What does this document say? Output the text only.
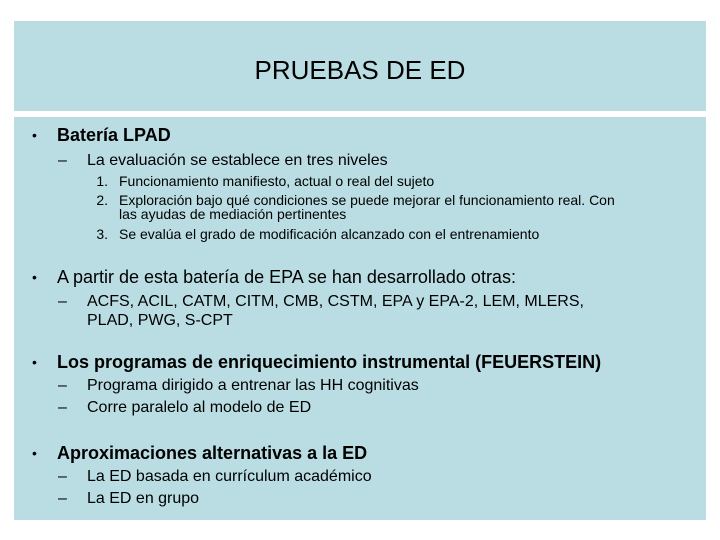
PRUEBAS DE ED
• Batería LPAD
– La evaluación se establece en tres niveles
1. Funcionamiento manifiesto, actual o real del sujeto
2. Exploración bajo qué condiciones se puede mejorar el funcionamiento real. Con
las ayudas de mediación pertinentes
3. Se evalúa el grado de modificación alcanzado con el entrenamiento
• A partir de esta batería de EPA se han desarrollado otras:
– ACFS, ACIL, CATM, CITM, CMB, CSTM, EPA y EPA-2, LEM, MLERS,
PLAD, PWG, S-CPT
• Los programas de enriquecimiento instrumental (FEUERSTEIN)
– Programa dirigido a entrenar las HH cognitivas
– Corre paralelo al modelo de ED
• Aproximaciones alternativas a la ED
– La ED basada en currículum académico
– La ED en grupo
